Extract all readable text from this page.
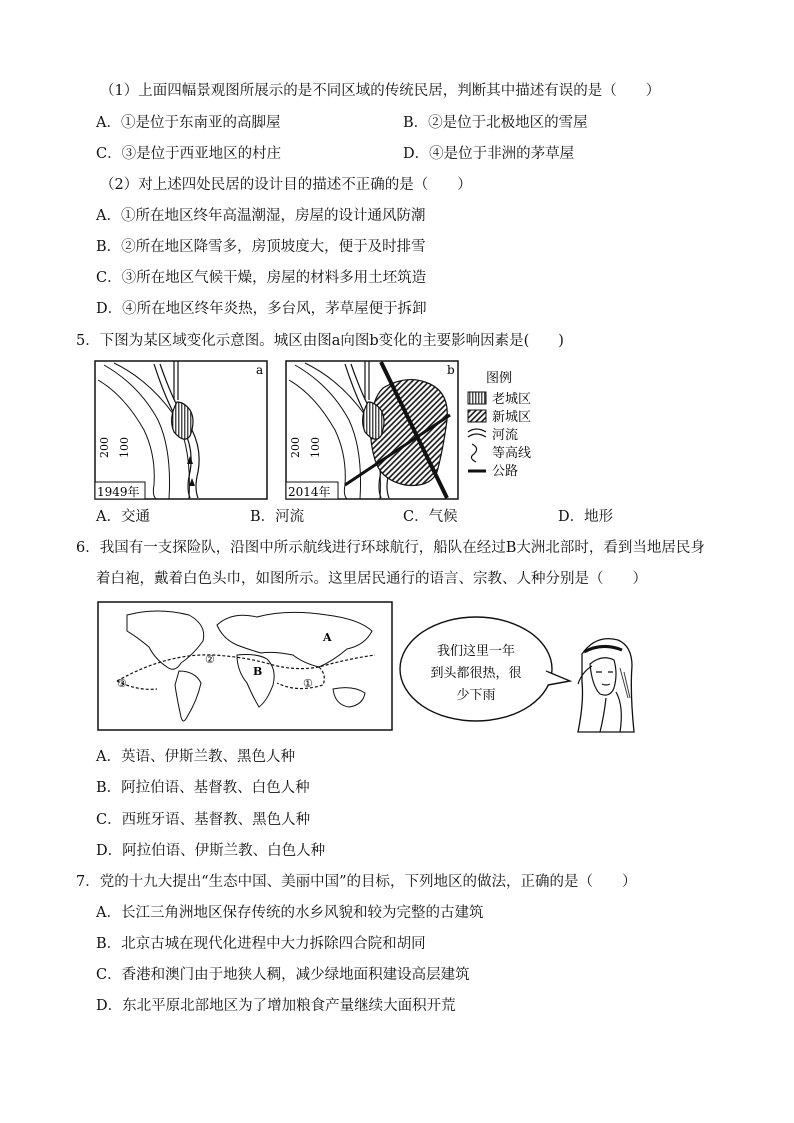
（1）上面四幅景观图所展示的是不同区域的传统民居，判断其中描述有误的是（　　）
A．①是位于东南亚的高脚屋	B．②是位于北极地区的雪屋
C．③是位于西亚地区的村庄	D．④是位于非洲的茅草屋
（2）对上述四处民居的设计目的描述不正确的是（　　）
A．①所在地区终年高温潮湿，房屋的设计通风防潮
B．②所在地区降雪多，房顶坡度大，便于及时排雪
C．③所在地区气候干燥，房屋的材料多用土坯筑造
D．④所在地区终年炎热，多台风，茅草屋便于拆卸
5．下图为某区域变化示意图。城区由图a向图b变化的主要影响因素是(　　)
a
200 100
1949年
b
200 100
2014年
图例
老城区
新城区
河流
等高线
公路
A．交通	B．河流	C．气候	D．地形
6．我国有一支探险队，沿图中所示航线进行环球航行，船队在经过B大洲北部时，看到当地居民身
着白袍，戴着白色头巾，如图所示。这里居民通行的语言、宗教、人种分别是（　　）
A
B
③
②
①
我们这里一年
到头都很热，很
少下雨
A．英语、伊斯兰教、黑色人种
B．阿拉伯语、基督教、白色人种
C．西班牙语、基督教、黑色人种
D．阿拉伯语、伊斯兰教、白色人种
7．党的十九大提出“生态中国、美丽中国”的目标，下列地区的做法，正确的是（　　）
A．长江三角洲地区保存传统的水乡风貌和较为完整的古建筑
B．北京古城在现代化进程中大力拆除四合院和胡同
C．香港和澳门由于地狭人稠，减少绿地面积建设高层建筑
D．东北平原北部地区为了增加粮食产量继续大面积开荒
